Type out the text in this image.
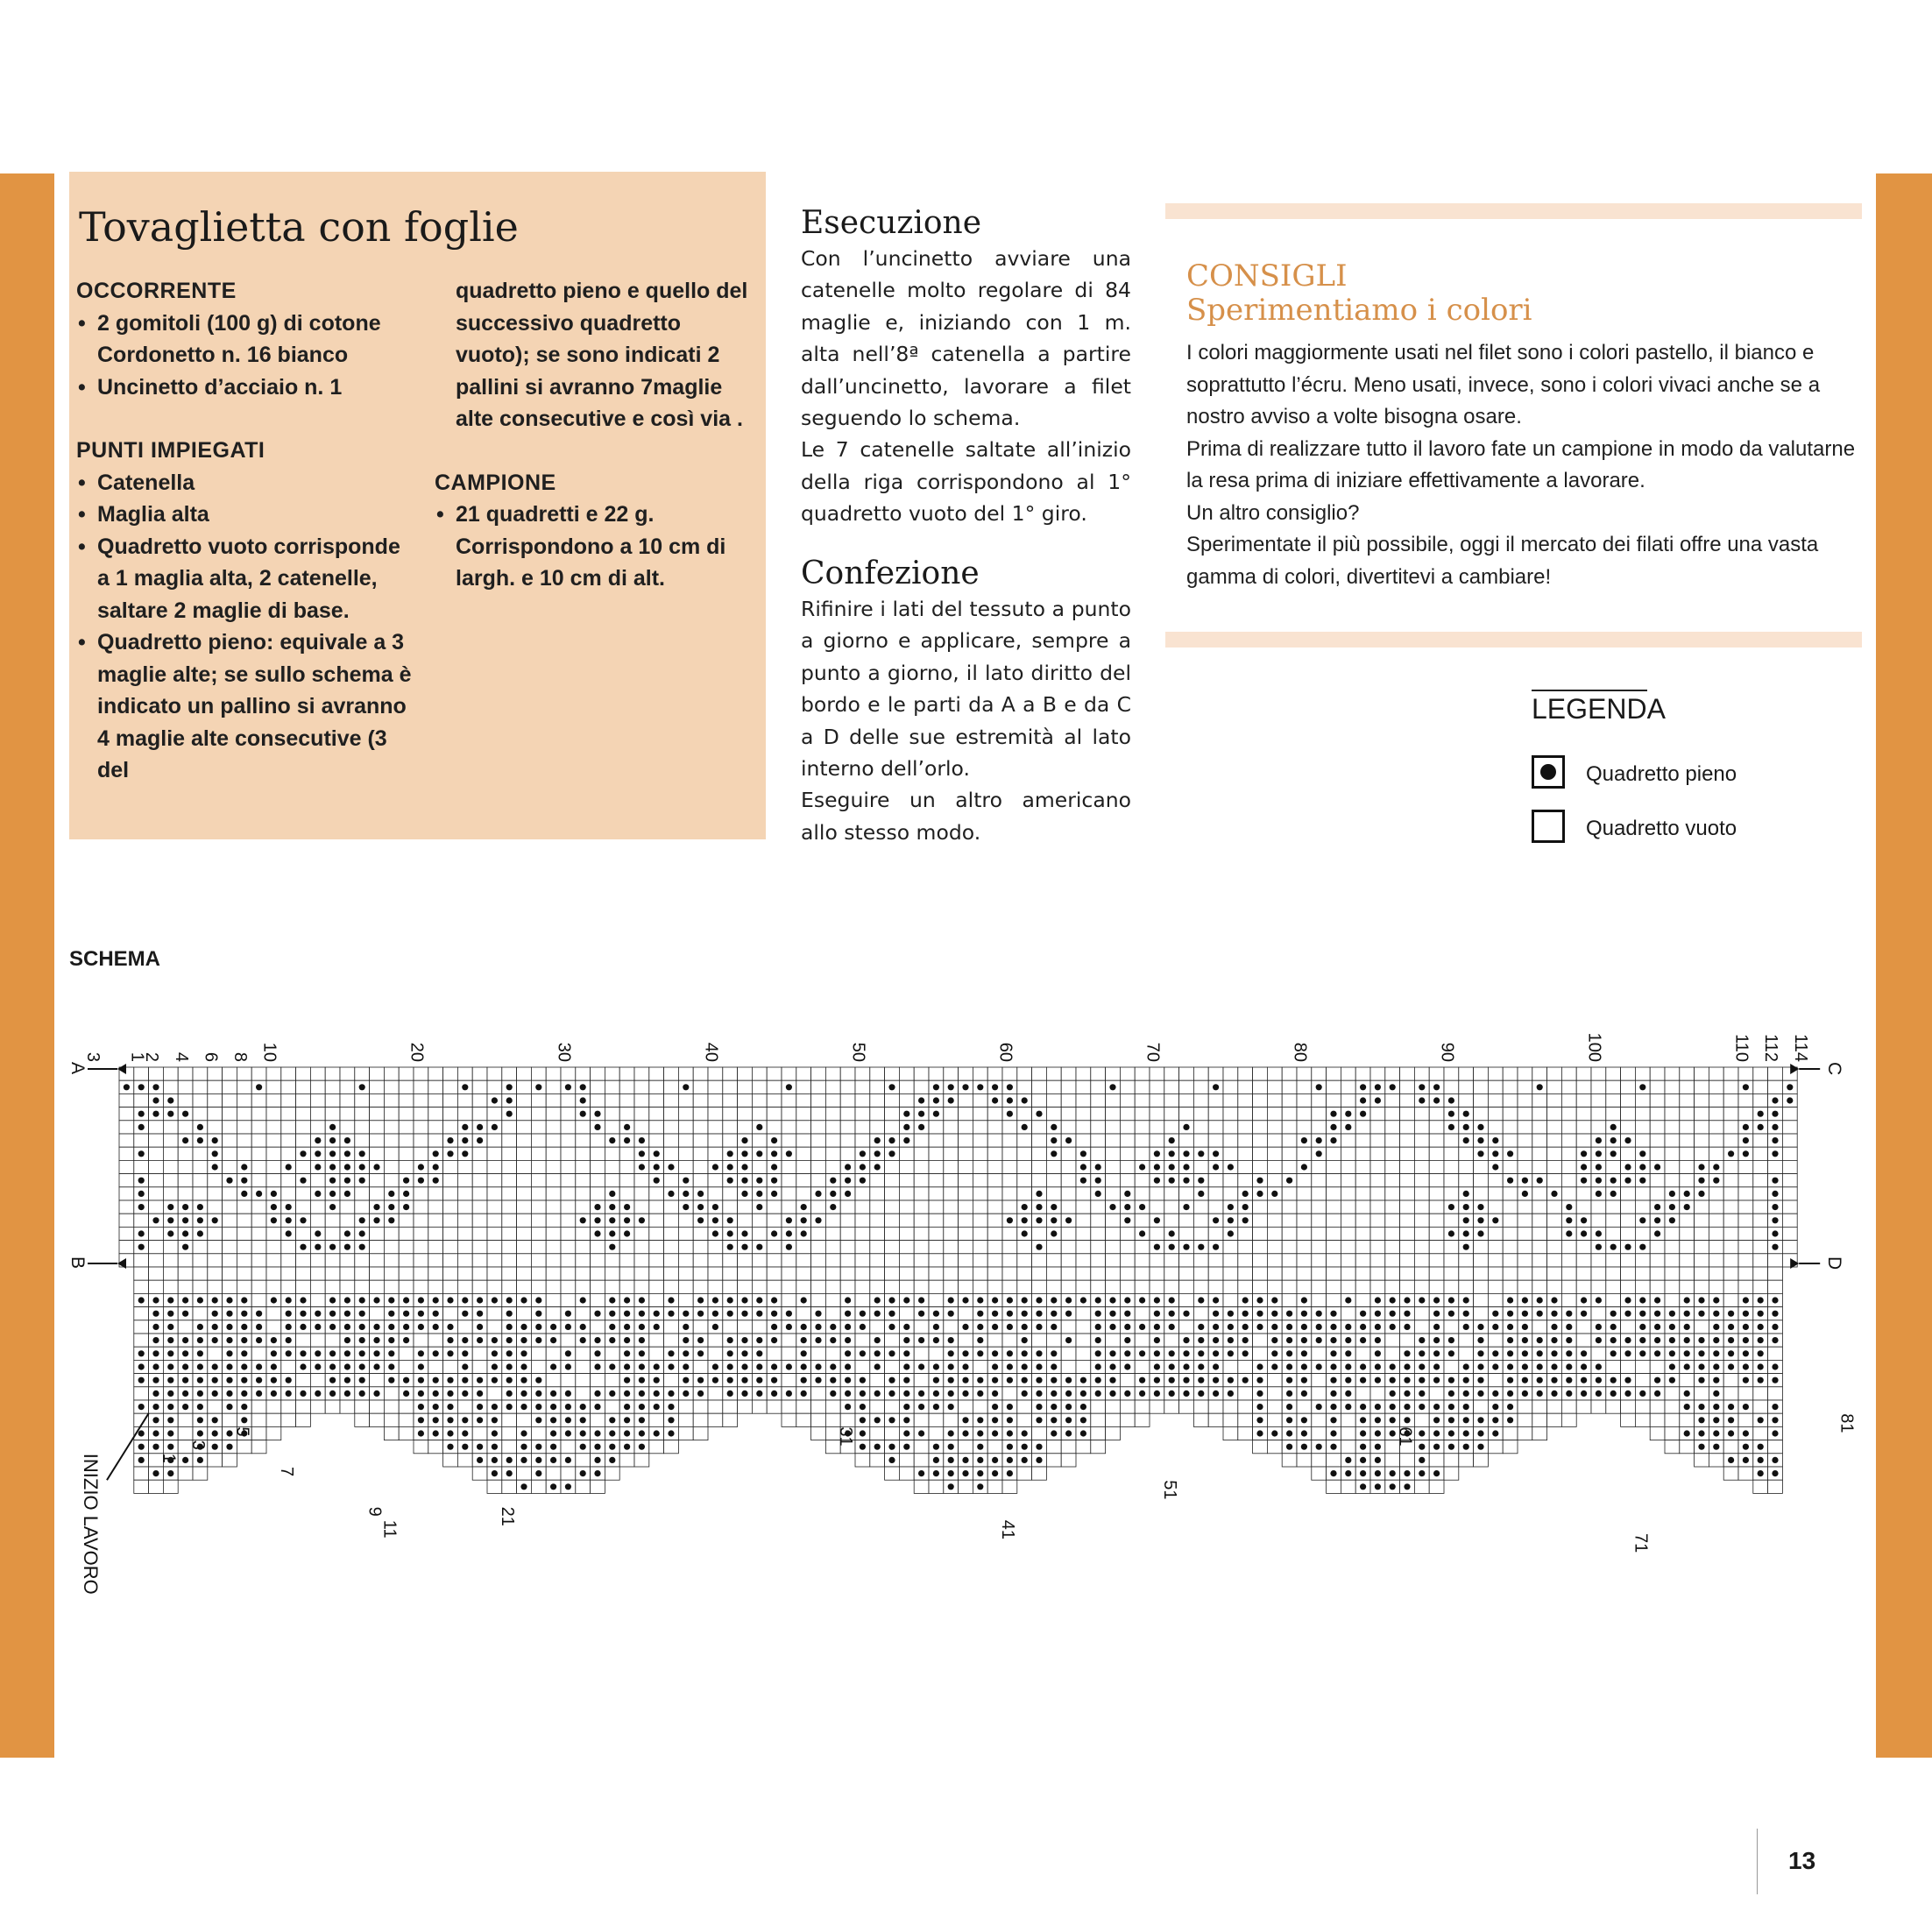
Tovaglietta con foglie
OCCORRENTE
• 2 gomitoli (100 g) di cotone Cordonetto n. 16 bianco
• Uncinetto d’acciaio n. 1
PUNTI IMPIEGATI
• Catenella
• Maglia alta
• Quadretto vuoto corrisponde a 1 maglia alta, 2 catenelle, saltare 2 maglie di base.
• Quadretto pieno: equivale a 3 maglie alte; se sullo schema è indicato un pallino si avranno 4 maglie alte consecutive (3 del

quadretto pieno e quello del successivo quadretto vuoto); se sono indicati 2 pallini si avranno 7maglie alte consecutive e così via .

CAMPIONE
• 21 quadretti e 22 g. Corrispondono a 10 cm di largh. e 10 cm di alt.
Esecuzione

Con l’uncinetto avviare una catenelle molto regolare di 84 maglie e, iniziando con 1 m. alta nell’8ª catenella a partire dall’uncinetto, lavorare a filet seguendo lo schema.

Le 7 catenelle saltate all’inizio della riga corrispondono al 1° quadretto vuoto del 1° giro.

Confezione

Rifinire i lati del tessuto a punto a giorno e applicare, sempre a punto a giorno, il lato diritto del bordo e le parti da A a B e da C a D delle sue estremità al lato interno dell’orlo.

Eseguire un altro americano allo stesso modo.

CONSIGLI
Sperimentiamo i colori

I colori maggiormente usati nel filet sono i colori pastello, il bianco e soprattutto l’écru. Meno usati, invece, sono i colori vivaci anche se a nostro avviso a volte bisogna osare.

Prima di realizzare tutto il lavoro fate un campione in modo da valutarne la resa prima di iniziare effettivamente a lavorare.

Un altro consiglio?

Sperimentate il più possibile, oggi il mercato dei filati offre una vasta gamma di colori, divertitevi a cambiare!

LEGENDA
Quadretto pieno
Quadretto vuoto
SCHEMA
3 1
2 4 6 8 10	20	30	40	50	60	70	80	90	100	110 112 114
1
3
5
7
9
11
21
31
41
51
61
71
81
A
B
C
D
INIZIO LAVORO
13
